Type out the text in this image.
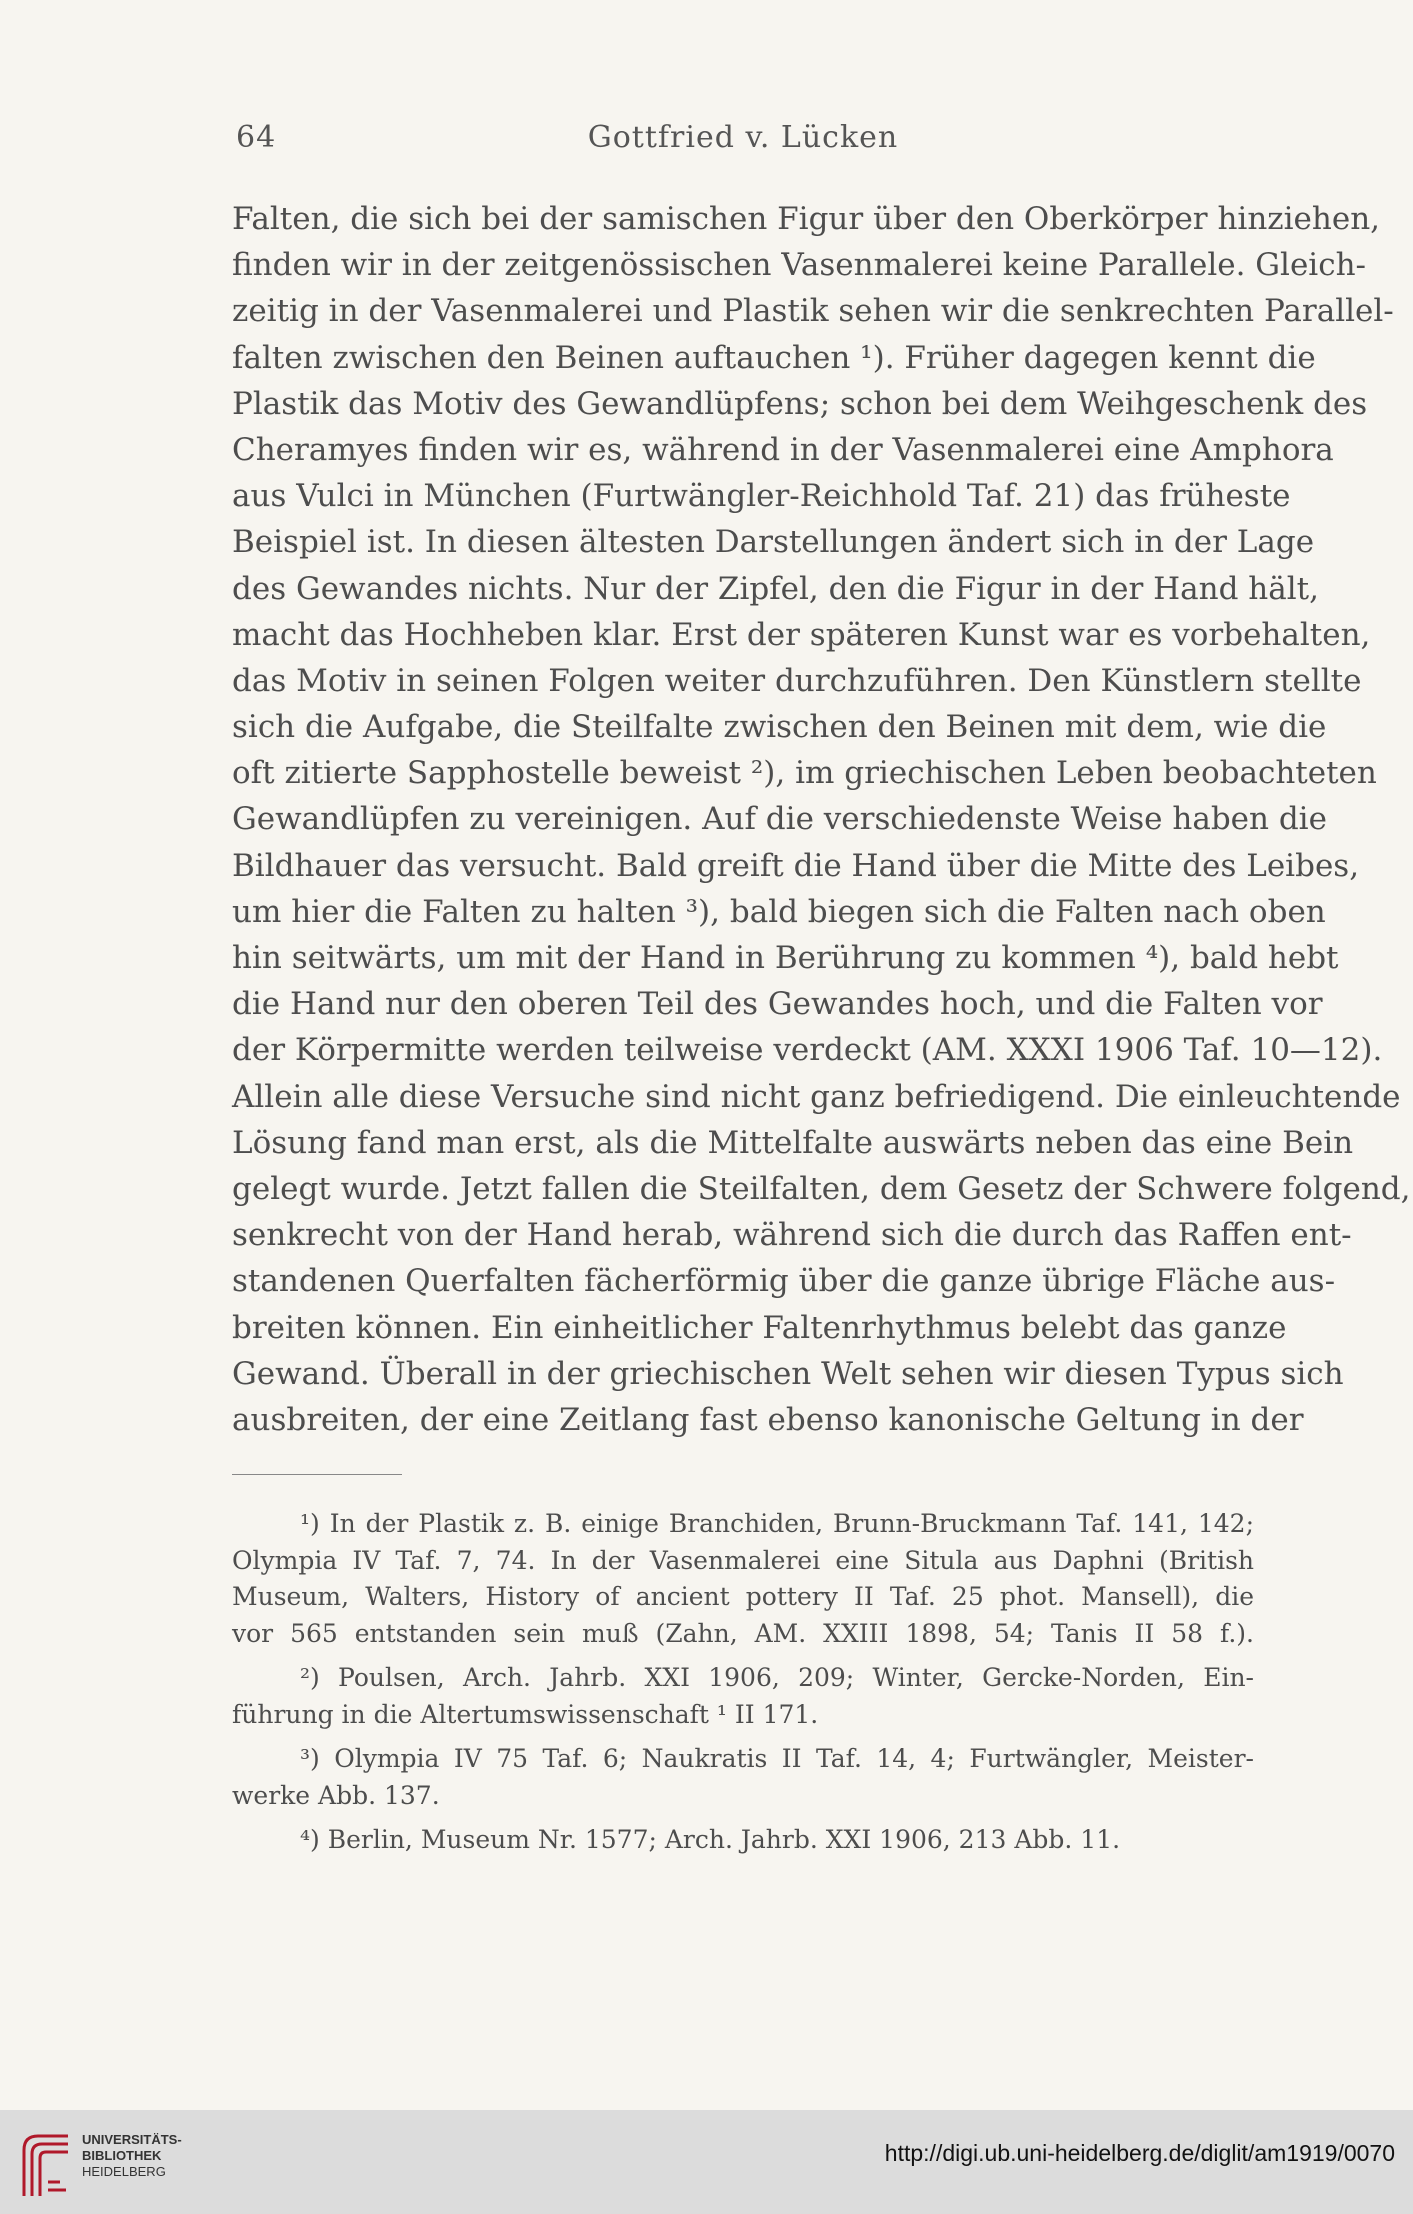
64	Gottfried v. Lücken
Falten, die sich bei der samischen Figur über den Oberkörper hinziehen,
finden wir in der zeitgenössischen Vasenmalerei keine Parallele. Gleich-
zeitig in der Vasenmalerei und Plastik sehen wir die senkrechten Parallel-
falten zwischen den Beinen auftauchen ¹). Früher dagegen kennt die
Plastik das Motiv des Gewandlüpfens; schon bei dem Weihgeschenk des
Cheramyes finden wir es, während in der Vasenmalerei eine Amphora
aus Vulci in München (Furtwängler-Reichhold Taf. 21) das früheste
Beispiel ist. In diesen ältesten Darstellungen ändert sich in der Lage
des Gewandes nichts. Nur der Zipfel, den die Figur in der Hand hält,
macht das Hochheben klar. Erst der späteren Kunst war es vorbehalten,
das Motiv in seinen Folgen weiter durchzuführen. Den Künstlern stellte
sich die Aufgabe, die Steilfalte zwischen den Beinen mit dem, wie die
oft zitierte Sapphostelle beweist ²), im griechischen Leben beobachteten
Gewandlüpfen zu vereinigen. Auf die verschiedenste Weise haben die
Bildhauer das versucht. Bald greift die Hand über die Mitte des Leibes,
um hier die Falten zu halten ³), bald biegen sich die Falten nach oben
hin seitwärts, um mit der Hand in Berührung zu kommen ⁴), bald hebt
die Hand nur den oberen Teil des Gewandes hoch, und die Falten vor
der Körpermitte werden teilweise verdeckt (AM. XXXI 1906 Taf. 10—12).
Allein alle diese Versuche sind nicht ganz befriedigend. Die einleuchtende
Lösung fand man erst, als die Mittelfalte auswärts neben das eine Bein
gelegt wurde. Jetzt fallen die Steilfalten, dem Gesetz der Schwere folgend,
senkrecht von der Hand herab, während sich die durch das Raffen ent-
standenen Querfalten fächerförmig über die ganze übrige Fläche aus-
breiten können. Ein einheitlicher Faltenrhythmus belebt das ganze
Gewand. Überall in der griechischen Welt sehen wir diesen Typus sich
ausbreiten, der eine Zeitlang fast ebenso kanonische Geltung in der
¹) In der Plastik z. B. einige Branchiden, Brunn-Bruckmann Taf. 141, 142;
Olympia IV Taf. 7, 74. In der Vasenmalerei eine Situla aus Daphni (British
Museum, Walters, History of ancient pottery II Taf. 25 phot. Mansell), die
vor 565 entstanden sein muß (Zahn, AM. XXIII 1898, 54; Tanis II 58 f.).
²) Poulsen, Arch. Jahrb. XXI 1906, 209; Winter, Gercke-Norden, Ein-
führung in die Altertumswissenschaft ¹ II 171.
³) Olympia IV 75 Taf. 6; Naukratis II Taf. 14, 4; Furtwängler, Meister-
werke Abb. 137.
⁴) Berlin, Museum Nr. 1577; Arch. Jahrb. XXI 1906, 213 Abb. 11.
UNIVERSITÄTS-
BIBLIOTHEK
HEIDELBERG
http://digi.ub.uni-heidelberg.de/diglit/am1919/0070
